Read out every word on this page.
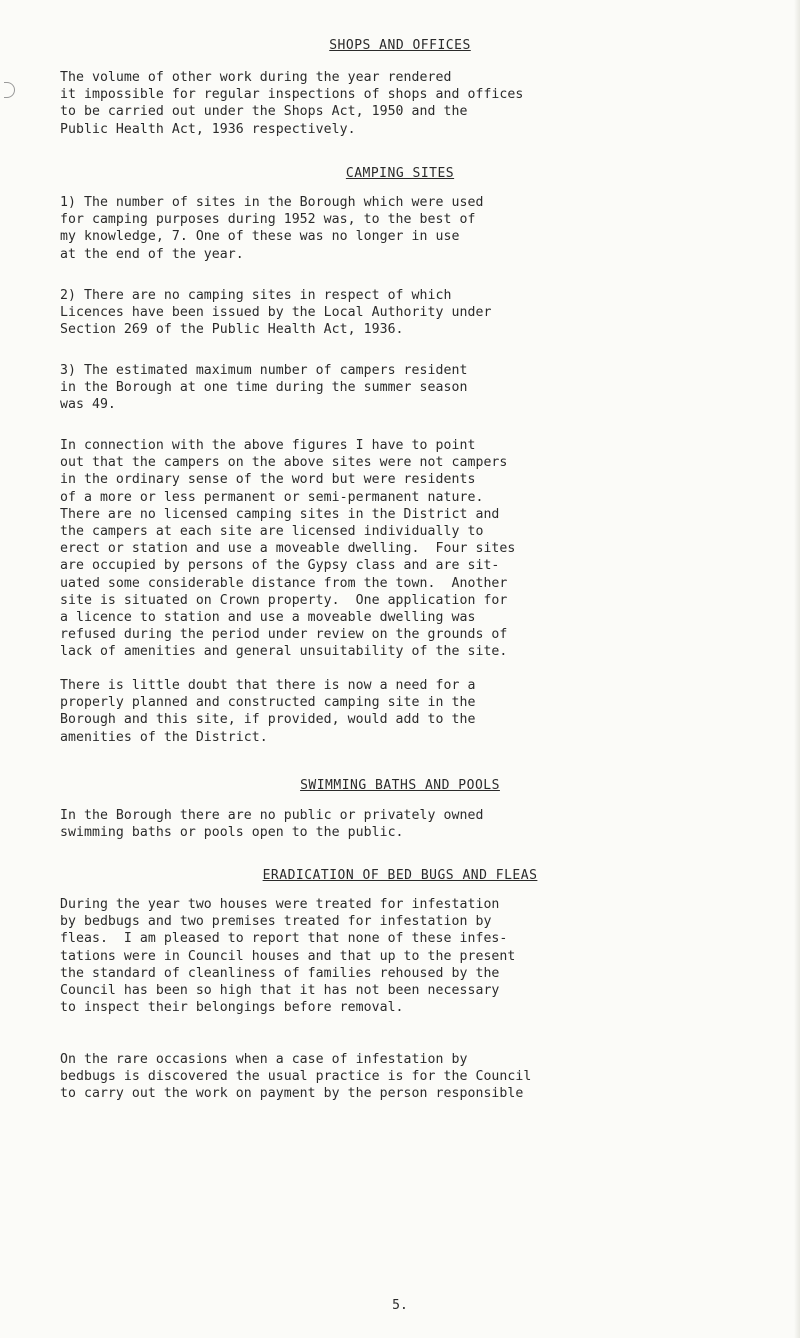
SHOPS AND OFFICES

The volume of other work during the year rendered
it impossible for regular inspections of shops and offices
to be carried out under the Shops Act, 1950 and the
Public Health Act, 1936 respectively.

CAMPING SITES

1) The number of sites in the Borough which were used
for camping purposes during 1952 was, to the best of
my knowledge, 7. One of these was no longer in use
at the end of the year.

2) There are no camping sites in respect of which
Licences have been issued by the Local Authority under
Section 269 of the Public Health Act, 1936.

3) The estimated maximum number of campers resident
in the Borough at one time during the summer season
was 49.

In connection with the above figures I have to point
out that the campers on the above sites were not campers
in the ordinary sense of the word but were residents
of a more or less permanent or semi-permanent nature.
There are no licensed camping sites in the District and
the campers at each site are licensed individually to
erect or station and use a moveable dwelling.  Four sites
are occupied by persons of the Gypsy class and are sit-
uated some considerable distance from the town.  Another
site is situated on Crown property.  One application for
a licence to station and use a moveable dwelling was
refused during the period under review on the grounds of
lack of amenities and general unsuitability of the site.

There is little doubt that there is now a need for a
properly planned and constructed camping site in the
Borough and this site, if provided, would add to the
amenities of the District.

SWIMMING BATHS AND POOLS

In the Borough there are no public or privately owned
swimming baths or pools open to the public.

ERADICATION OF BED BUGS AND FLEAS

During the year two houses were treated for infestation
by bedbugs and two premises treated for infestation by
fleas.  I am pleased to report that none of these infes-
tations were in Council houses and that up to the present
the standard of cleanliness of families rehoused by the
Council has been so high that it has not been necessary
to inspect their belongings before removal.

On the rare occasions when a case of infestation by
bedbugs is discovered the usual practice is for the Council
to carry out the work on payment by the person responsible

5.
